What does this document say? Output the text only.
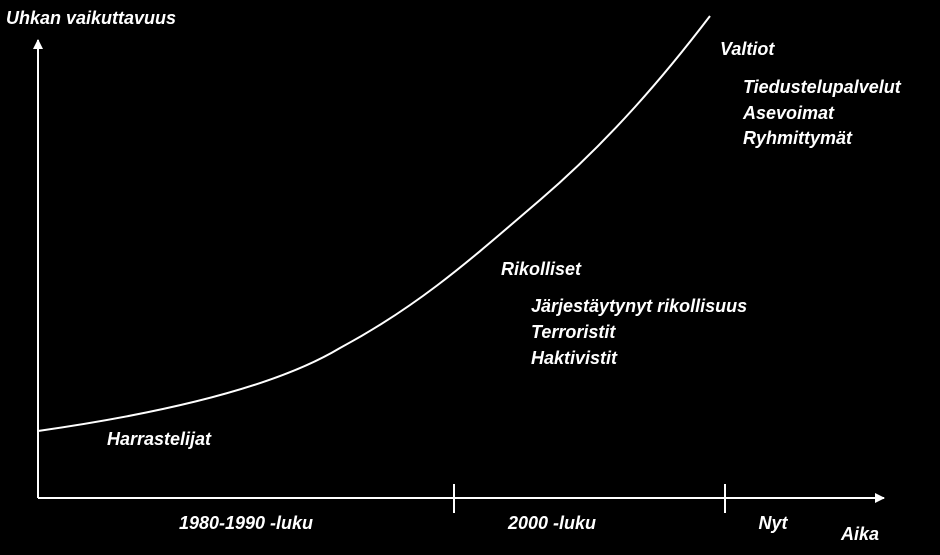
Uhkan vaikuttavuus
Aika
1980-1990 -luku	2000 -luku	Nyt
Harrastelijat
Rikolliset
Järjestäytynyt rikollisuus
Terroristit
Haktivistit
Valtiot
Tiedustelupalvelut
Asevoimat
Ryhmittymät
